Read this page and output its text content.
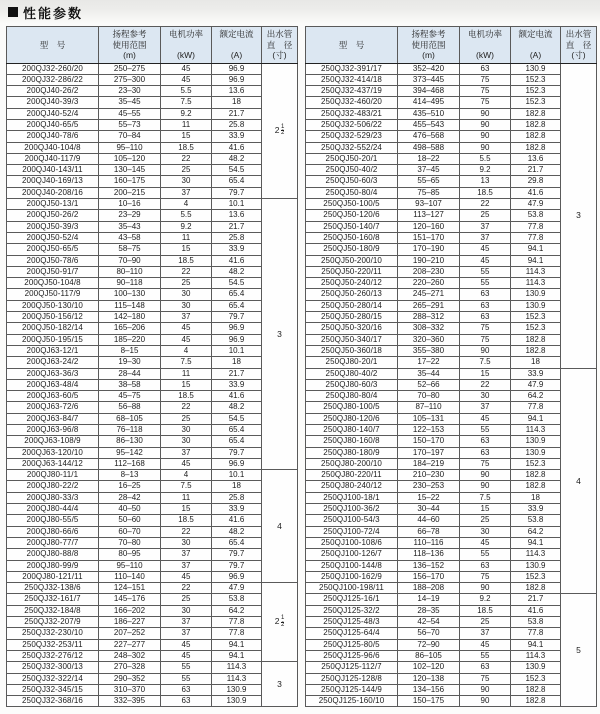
性能参数
型　号

扬程参考
使用范围
(m)

电机功率

(kW)

额定电流

(A)

出水管
直　径
(寸)

200QJ32-260/20	250–275	45	96.9	$2 \frac{1}{2}$

200QJ32-286/22	275–300	45	96.9	
200QJ40-26/2	23–30	5.5	13.6	
200QJ40-39/3	35–45	7.5	18	
200QJ40-52/4	45–55	9.2	21.7	
200QJ40-65/5	55–73	11	25.8	
200QJ40-78/6	70–84	15	33.9	
200QJ40-104/8	95–110	18.5	41.6	
200QJ40-117/9	105–120	22	48.2	
200QJ40-143/11	130–145	25	54.5	
200QJ40-169/13	160–175	30	65.4	
200QJ40-208/16	200–215	37	79.7	
200QJ50-13/1	10–16	4	10.1	3
200QJ50-26/2	23–29	5.5	13.6	
200QJ50-39/3	35–43	9.2	21.7	
200QJ50-52/4	43–58	11	25.8	
200QJ50-65/5	58–75	15	33.9	
200QJ50-78/6	70–90	18.5	41.6	
200QJ50-91/7	80–110	22	48.2	
200QJ50-104/8	90–118	25	54.5	
200QJ50-117/9	100–130	30	65.4	
200QJ50-130/10	115–148	30	65.4	
200QJ50-156/12	142–180	37	79.7	
200QJ50-182/14	165–206	45	96.9	
200QJ50-195/15	185–220	45	96.9	
200QJ63-12/1	8–15	4	10.1	
200QJ63-24/2	19–30	7.5	18	
200QJ63-36/3	28–44	11	21.7	
200QJ63-48/4	38–58	15	33.9	
200QJ63-60/5	45–75	18.5	41.6	
200QJ63-72/6	56–88	22	48.2	
200QJ63-84/7	68–105	25	54.5	
200QJ63-96/8	76–118	30	65.4	
200QJ63-108/9	86–130	30	65.4	
200QJ63-120/10	95–142	37	79.7	
200QJ63-144/12	112–168	45	96.9	
200QJ80-11/1	8–13	4	10.1	4
200QJ80-22/2	16–25	7.5	18	
200QJ80-33/3	28–42	11	25.8	
200QJ80-44/4	40–50	15	33.9	
200QJ80-55/5	50–60	18.5	41.6	
200QJ80-66/6	60–70	22	48.2	
200QJ80-77/7	70–80	30	65.4	
200QJ80-88/8	80–95	37	79.7	
200QJ80-99/9	95–110	37	79.7	
200QJ80-121/11	110–140	45	96.9	
250QJ32-138/6	124–151	22	47.9	$2 \frac{1}{2}$

250QJ32-161/7	145–176	25	53.8	
250QJ32-184/8	166–202	30	64.2	
250QJ32-207/9	186–227	37	77.8	
250QJ32-230/10	207–252	37	77.8	
250QJ32-253/11	227–277	45	94.1	
250QJ32-276/12	248–302	45	94.1	
250QJ32-300/13	270–328	55	114.3	3
250QJ32-322/14	290–352	55	114.3	
250QJ32-345/15	310–370	63	130.9	
250QJ32-368/16	332–395	63	130.9	
型　号

扬程参考
使用范围
(m)

电机功率

(kW)

额定电流

(A)

出水管
直　径
(寸)

250QJ32-391/17	352–420	63	130.9	3
250QJ32-414/18	373–445	75	152.3	
250QJ32-437/19	394–468	75	152.3	
250QJ32-460/20	414–495	75	152.3	
250QJ32-483/21	435–510	90	182.8	
250QJ32-506/22	455–543	90	182.8	
250QJ32-529/23	476–568	90	182.8	
250QJ32-552/24	498–588	90	182.8	
250QJ50-20/1	18–22	5.5	13.6	
250QJ50-40/2	37–45	9.2	21.7	
250QJ50-60/3	55–65	13	29.8	
250QJ50-80/4	75–85	18.5	41.6	
250QJ50-100/5	93–107	22	47.9	
250QJ50-120/6	113–127	25	53.8	
250QJ50-140/7	120–160	37	77.8	
250QJ50-160/8	151–170	37	77.8	
250QJ50-180/9	170–190	45	94.1	
250QJ50-200/10	190–210	45	94.1	
250QJ50-220/11	208–230	55	114.3	
250QJ50-240/12	220–260	55	114.3	
250QJ50-260/13	245–271	63	130.9	
250QJ50-280/14	265–291	63	130.9	
250QJ50-280/15	288–312	63	152.3	
250QJ50-320/16	308–332	75	152.3	
250QJ50-340/17	320–360	75	182.8	
250QJ50-360/18	355–380	90	182.8	
250QJ80-20/1	17–22	7.5	18	
250QJ80-40/2	35–44	15	33.9	4
250QJ80-60/3	52–66	22	47.9	
250QJ80-80/4	70–80	30	64.2	
250QJ80-100/5	87–110	37	77.8	
250QJ80-120/6	105–131	45	94.1	
250QJ80-140/7	122–153	55	114.3	
250QJ80-160/8	150–170	63	130.9	
250QJ80-180/9	170–197	63	130.9	
250QJ80-200/10	184–219	75	152.3	
250QJ80-220/11	210–230	90	182.8	
250QJ80-240/12	230–253	90	182.8	
250QJ100-18/1	15–22	7.5	18	
250QJ100-36/2	30–44	15	33.9	
250QJ100-54/3	44–60	25	53.8	
250QJ100-72/4	66–78	30	64.2	
250QJ100-108/6	110–116	45	94.1	
250QJ100-126/7	118–136	55	114.3	
250QJ100-144/8	136–152	63	130.9	
250QJ100-162/9	156–170	75	152.3	
250QJ100-198/11	188–208	90	182.8	
250QJ125-16/1	14–19	9.2	21.7	5
250QJ125-32/2	28–35	18.5	41.6	
250QJ125-48/3	42–54	25	53.8	
250QJ125-64/4	56–70	37	77.8	
250QJ125-80/5	72–90	45	94.1	
250QJ125-96/6	86–105	55	114.3	
250QJ125-112/7	102–120	63	130.9	
250QJ125-128/8	120–138	75	152.3	
250QJ125-144/9	134–156	90	182.8	
250QJ125-160/10	150–175	90	182.8	
